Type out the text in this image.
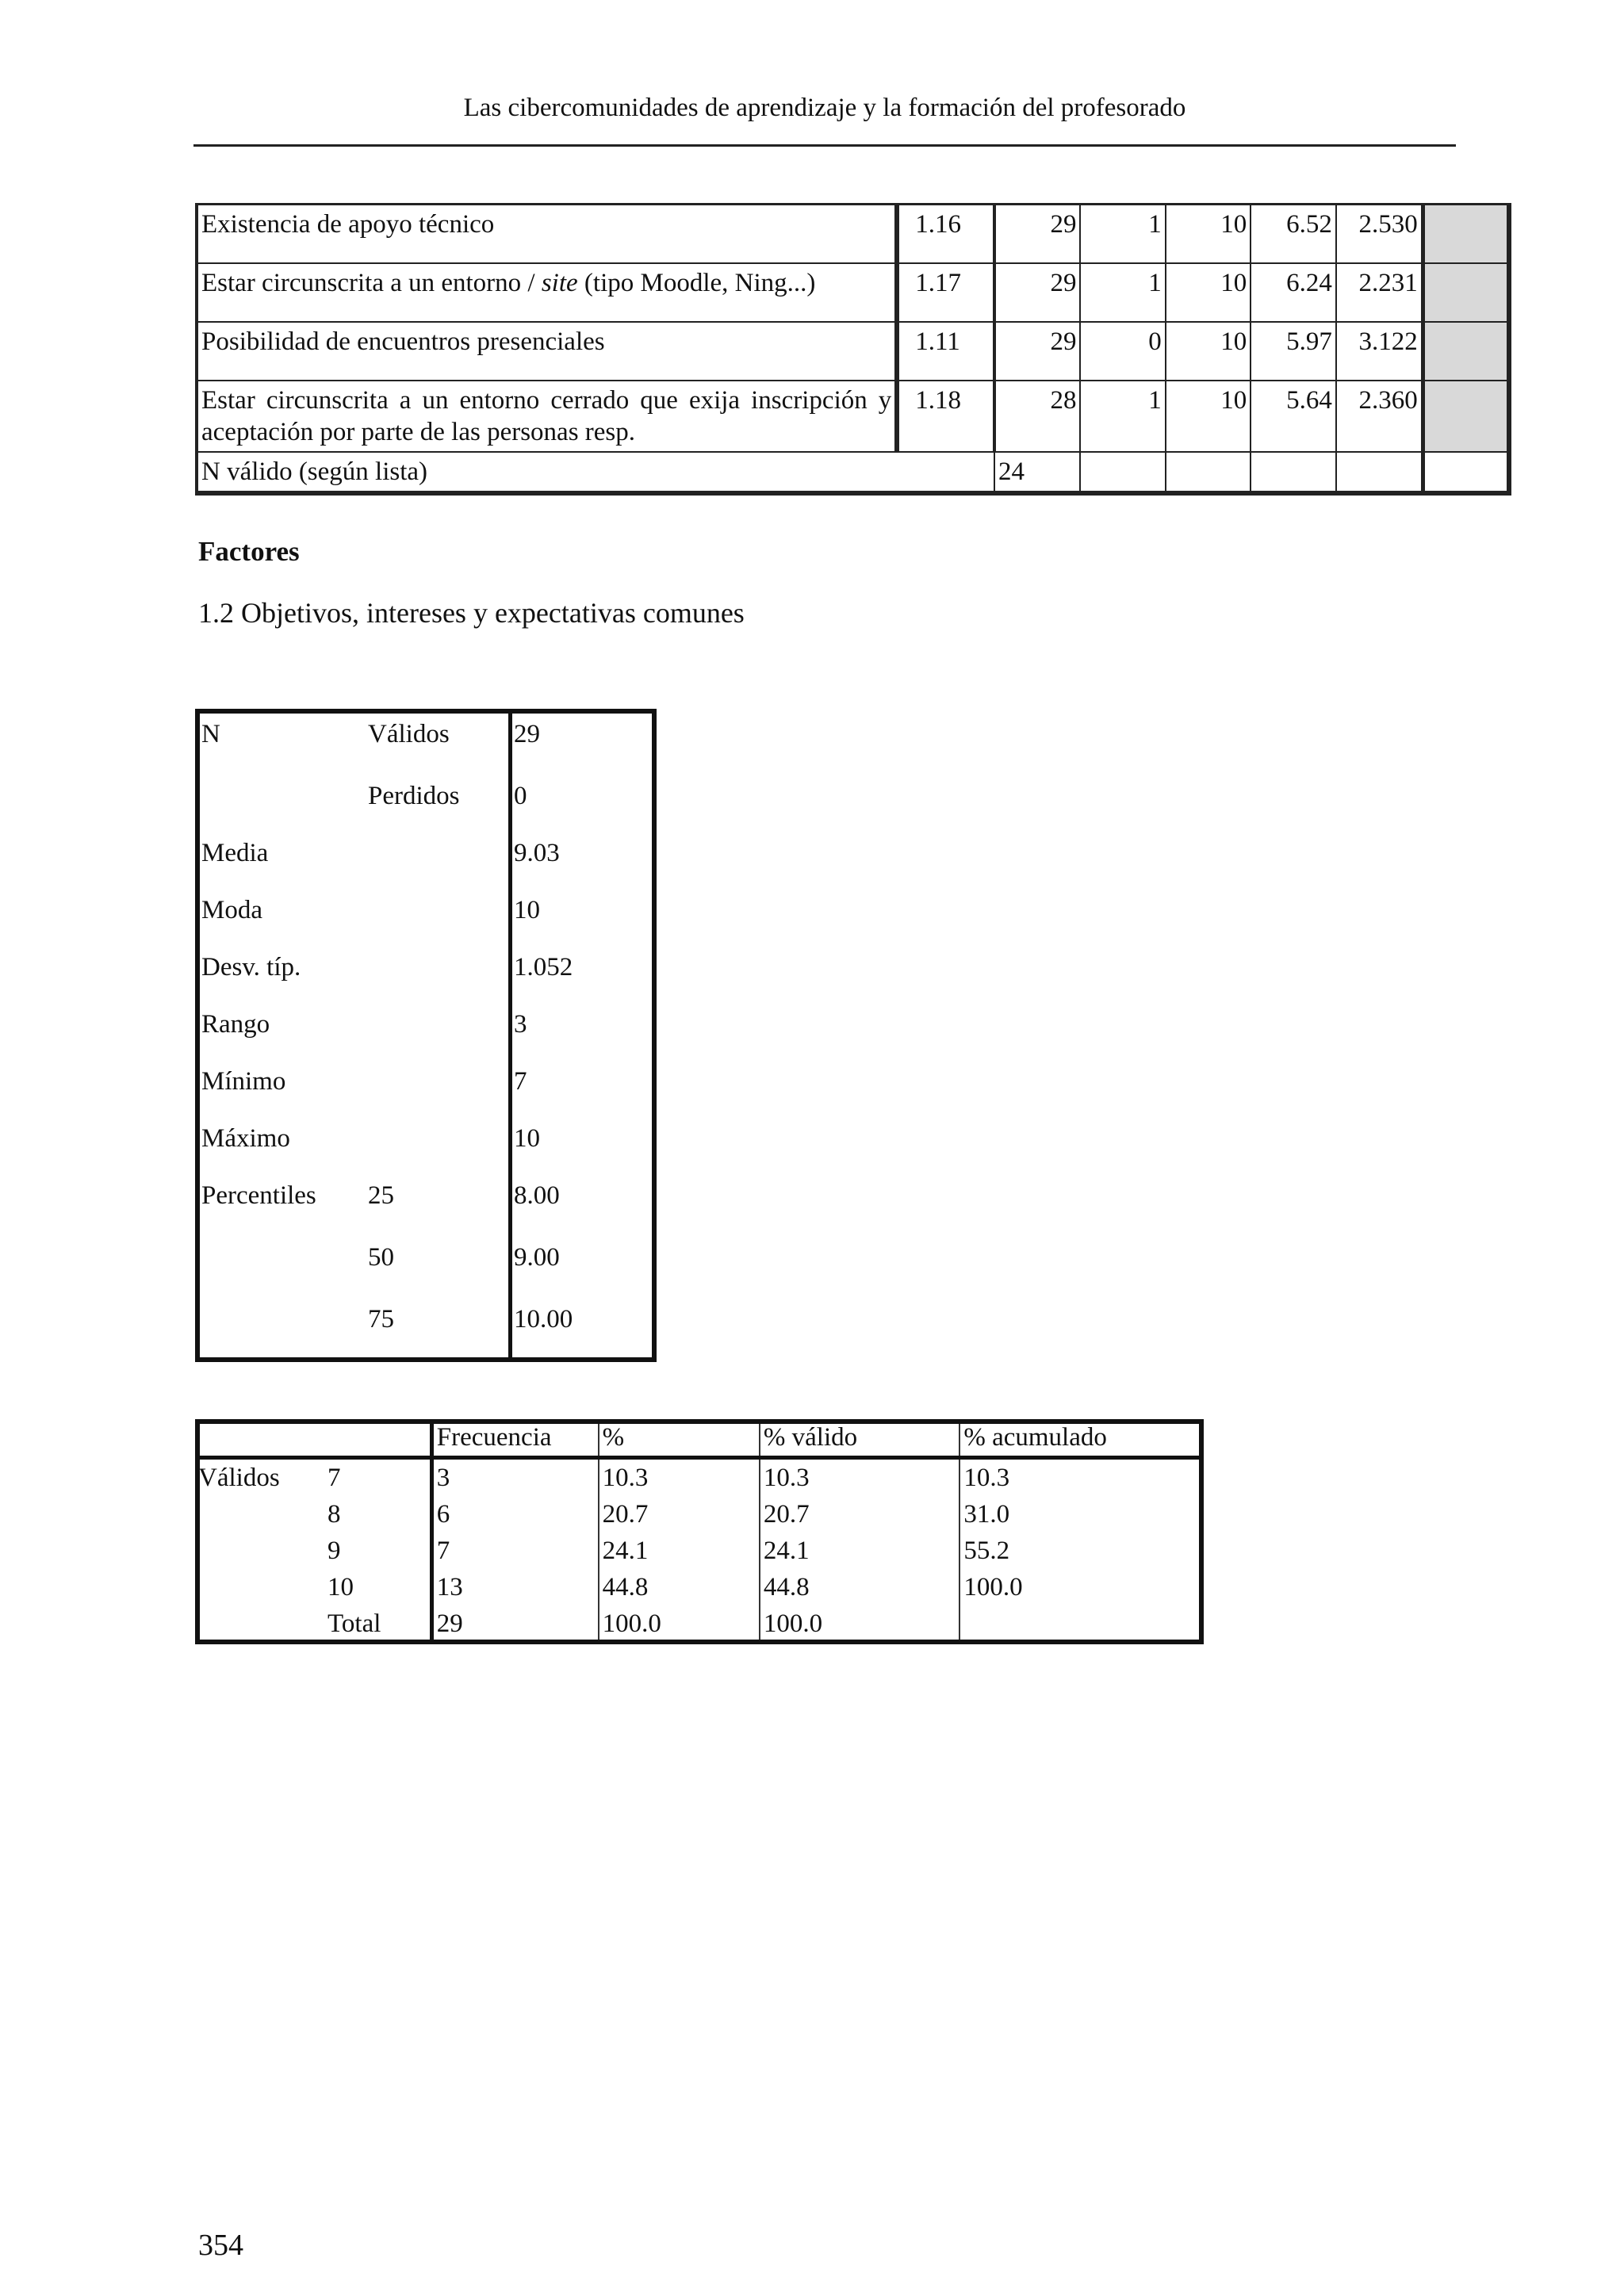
Las cibercomunidades de aprendizaje y la formación del profesorado
Existencia de apoyo técnico	1.16	29	1	10	6.52	2.530	
Estar circunscrita a un entorno / site (tipo Moodle, Ning...)	1.17	29	1	10	6.24	2.231	
Posibilidad de encuentros presenciales	1.11	29	0	10	5.97	3.122	
Estar circunscrita a un entorno cerrado que exija inscripción y aceptación por parte de las personas resp.	1.18	28	1	10	5.64	2.360	
N válido (según lista)		24					
Factores
1.2 Objetivos, intereses y expectativas comunes
N	Válidos 29
Perdidos 0
Media	9.03
Moda	10
Desv. típ.	1.052
Rango	3
Mínimo	7
Máximo	10
Percentiles 25	8.00
50	9.00
75	10.00
		Frecuencia	%	% válido	% acumulado
Válidos	7	3	10.3	10.3	10.3
	8	6	20.7	20.7	31.0
	9	7	24.1	24.1	55.2
	10	13	44.8	44.8	100.0
	Total	29	100.0	100.0	
354
